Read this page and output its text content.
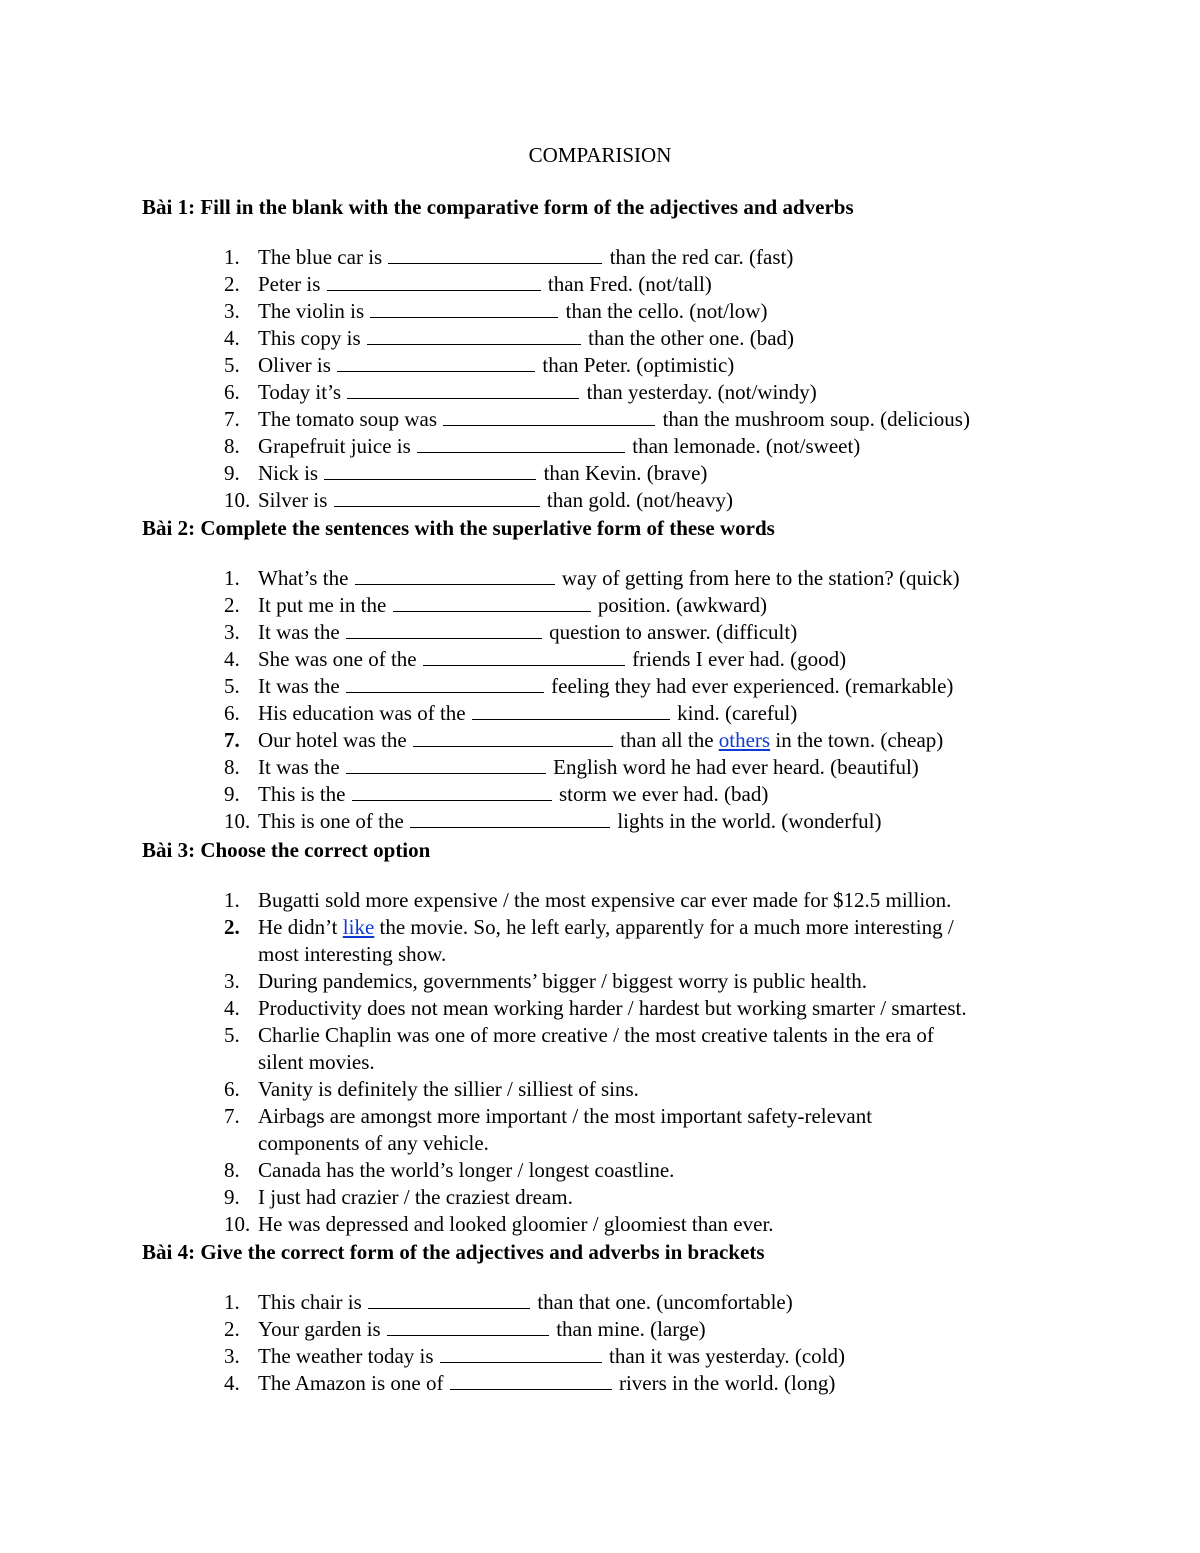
COMPARISION
Bài 1: Fill in the blank with the comparative form of the adjectives and adverbs
1. The blue car is	than the red car. (fast)
2. Peter is	than Fred. (not/tall)
3. The violin is	than the cello. (not/low)
4. This copy is	than the other one. (bad)
5. Oliver is	than Peter. (optimistic)
6. Today it’s	than yesterday. (not/windy)
7. The tomato soup was	than the mushroom soup. (delicious)
8. Grapefruit juice is	than lemonade. (not/sweet)
9. Nick is	than Kevin. (brave)
10. Silver is	than gold. (not/heavy)
Bài 2: Complete the sentences with the superlative form of these words
1. What’s the	way of getting from here to the station? (quick)
2. It put me in the	position. (awkward)
3. It was the	question to answer. (difficult)
4. She was one of the	friends I ever had. (good)
5. It was the	feeling they had ever experienced. (remarkable)
6. His education was of the	kind. (careful)
7. Our hotel was the	than all the others in the town. (cheap)
8. It was the	English word he had ever heard. (beautiful)
9. This is the	storm we ever had. (bad)
10. This is one of the	lights in the world. (wonderful)
Bài 3: Choose the correct option
1. Bugatti sold more expensive / the most expensive car ever made for $12.5 million.
2. He didn’t like the movie. So, he left early, apparently for a much more interesting /
most interesting show.
3. During pandemics, governments’ bigger / biggest worry is public health.
4. Productivity does not mean working harder / hardest but working smarter / smartest.
5. Charlie Chaplin was one of more creative / the most creative talents in the era of
silent movies.
6. Vanity is definitely the sillier / silliest of sins.
7. Airbags are amongst more important / the most important safety-relevant
components of any vehicle.
8. Canada has the world’s longer / longest coastline.
9. I just had crazier / the craziest dream.
10. He was depressed and looked gloomier / gloomiest than ever.
Bài 4: Give the correct form of the adjectives and adverbs in brackets
1. This chair is	than that one. (uncomfortable)
2. Your garden is	than mine. (large)
3. The weather today is	than it was yesterday. (cold)
4. The Amazon is one of	rivers in the world. (long)
